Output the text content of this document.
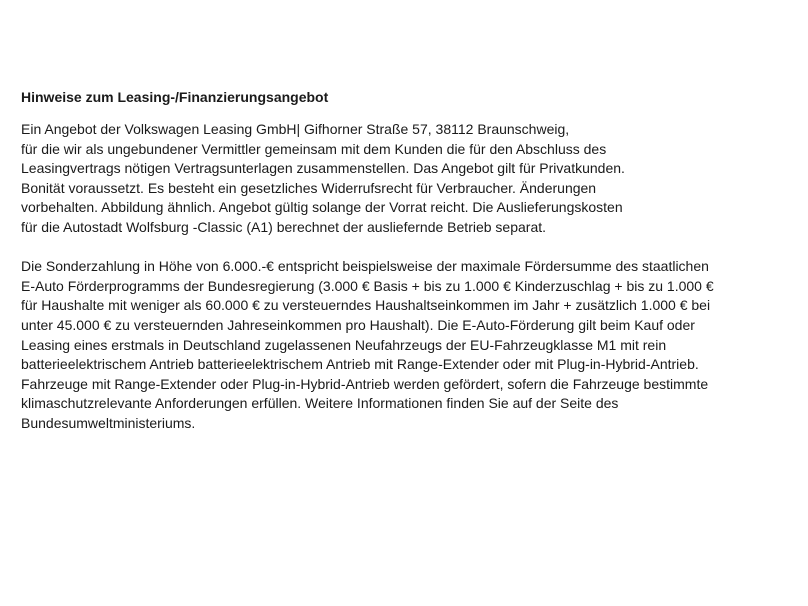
Hinweise zum Leasing-/Finanzierungsangebot

Ein Angebot der Volkswagen Leasing GmbH| Gifhorner Straße 57, 38112 Braunschweig,
für die wir als ungebundener Vermittler gemeinsam mit dem Kunden die für den Abschluss des
Leasingvertrags nötigen Vertragsunterlagen zusammenstellen. Das Angebot gilt für Privatkunden.
Bonität voraussetzt. Es besteht ein gesetzliches Widerrufsrecht für Verbraucher. Änderungen
vorbehalten. Abbildung ähnlich. Angebot gültig solange der Vorrat reicht. Die Auslieferungskosten
für die Autostadt Wolfsburg -Classic (A1) berechnet der ausliefernde Betrieb separat.

Die Sonderzahlung in Höhe von 6.000.-€ entspricht beispielsweise der maximale Fördersumme des staatlichen
E-Auto Förderprogramms der Bundesregierung (3.000 € Basis + bis zu 1.000 € Kinderzuschlag + bis zu 1.000 €
für Haushalte mit weniger als 60.000 € zu versteuerndes Haushaltseinkommen im Jahr + zusätzlich 1.000 € bei
unter 45.000 € zu versteuernden Jahreseinkommen pro Haushalt). Die E-Auto-Förderung gilt beim Kauf oder
Leasing eines erstmals in Deutschland zugelassenen Neufahrzeugs der EU-Fahrzeugklasse M1 mit rein
batterieelektrischem Antrieb batterieelektrischem Antrieb mit Range-Extender oder mit Plug-in-Hybrid-Antrieb.
Fahrzeuge mit Range-Extender oder Plug-in-Hybrid-Antrieb werden gefördert, sofern die Fahrzeuge bestimmte
klimaschutzrelevante Anforderungen erfüllen. Weitere Informationen finden Sie auf der Seite des
Bundesumweltministeriums.
